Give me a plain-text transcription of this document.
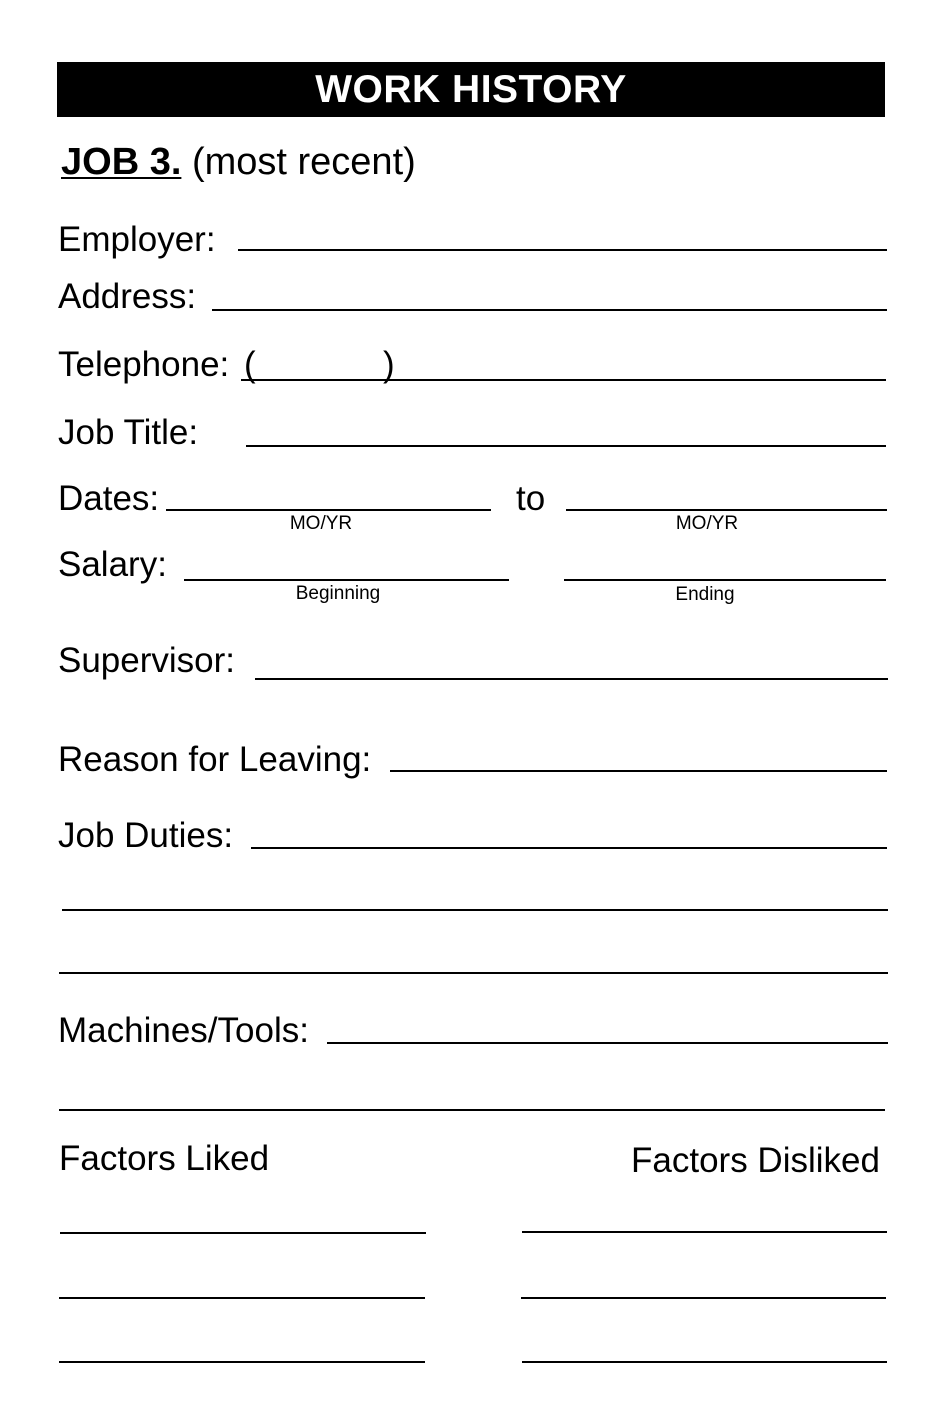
WORK HISTORY
JOB 3. (most recent)
Employer:
Address:
Telephone: (	)
Job Title:
Dates:
MO/YR
to
MO/YR
Salary:
Beginning	Ending
Supervisor:
Reason for Leaving:
Job Duties:
Machines/Tools:
Factors Liked	Factors Disliked
